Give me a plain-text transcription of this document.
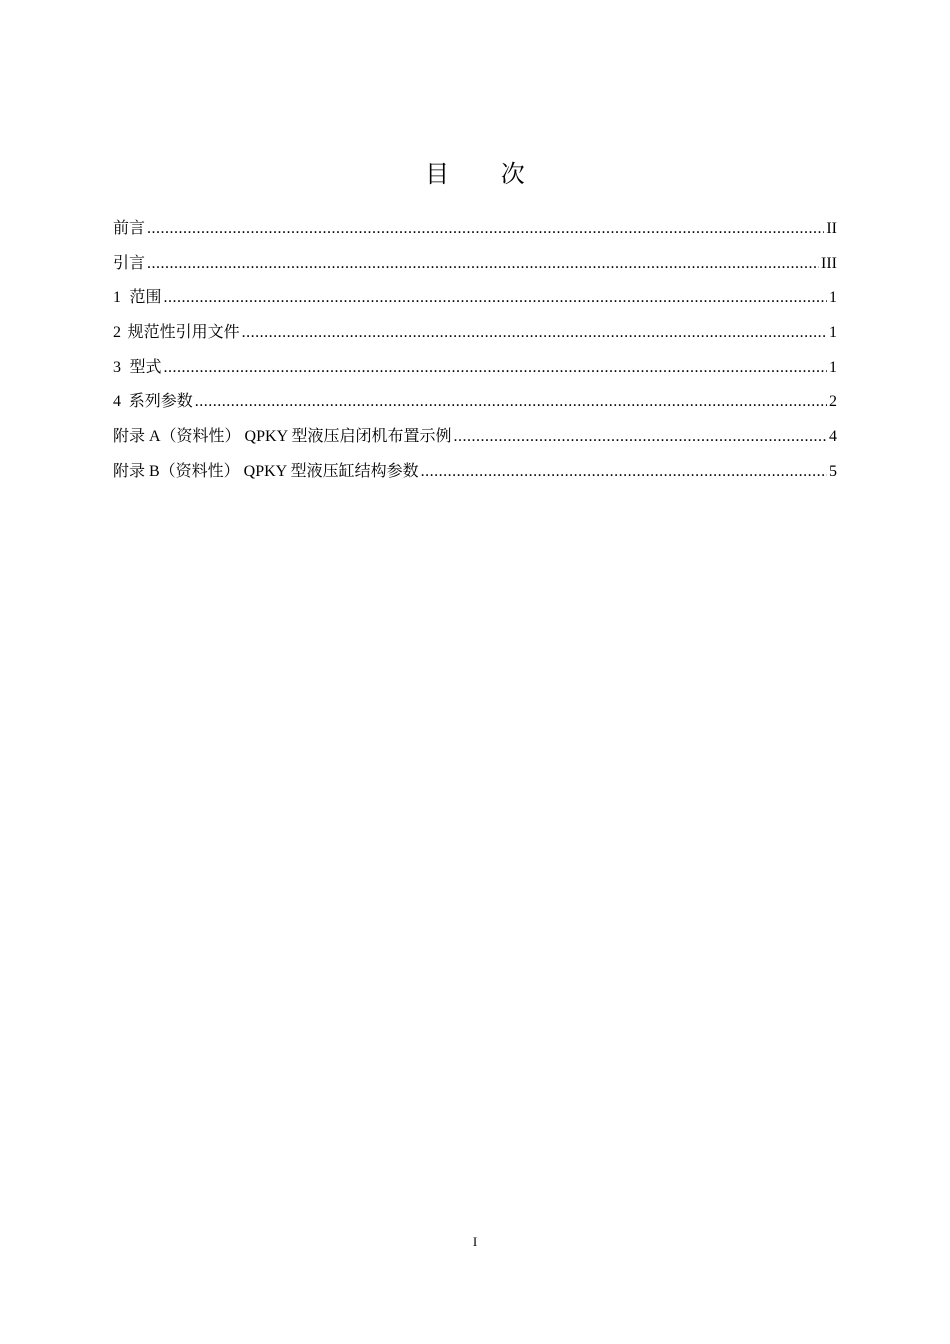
目 次
前言 .....	II
引言 .....	III
1 范围 .....	1
2 规范性引用文件 .....	1
3 型式 .....	1
4 系列参数 .....	2
附录 A（资料性） QPKY 型液压启闭机布置示例 .....	4
附录 B（资料性） QPKY 型液压缸结构参数 .....	5
I
